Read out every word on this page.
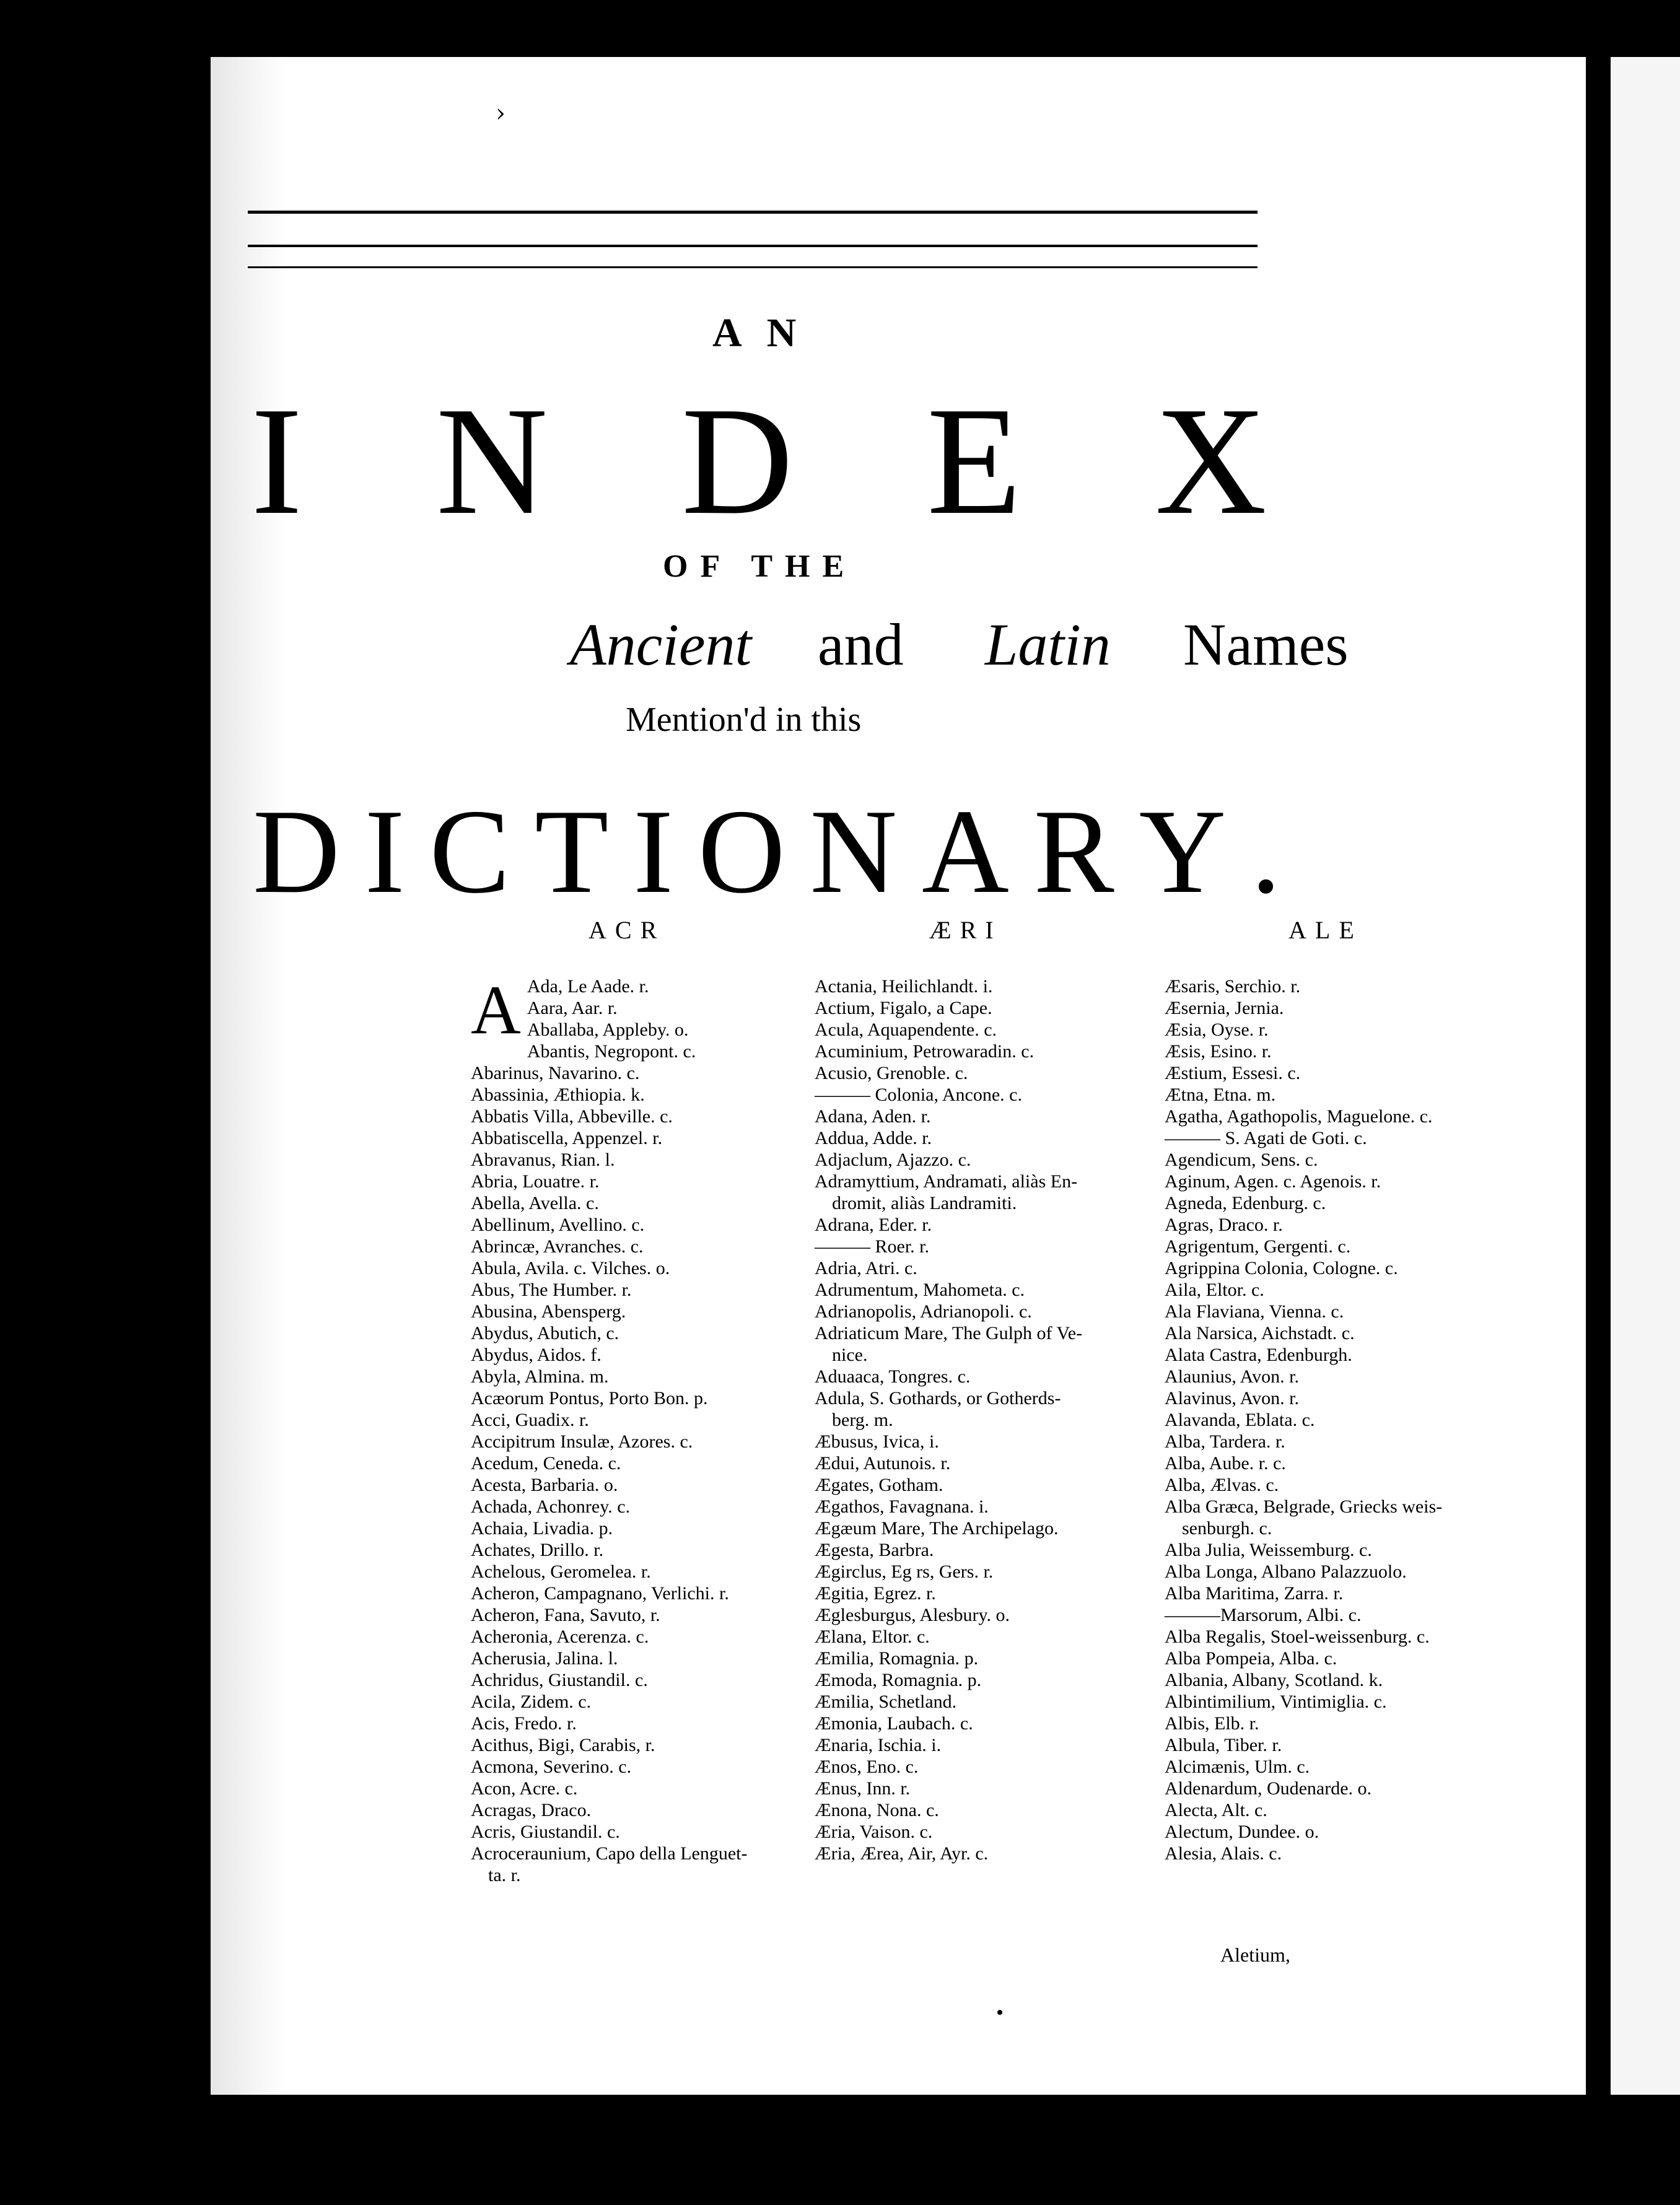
›
AN
I N D E X
OF THE
Ancient and Latin Names
Mention'd in this
D I C T I O N A R Y .
ACR	ÆRI	ALE
A Ada, Le Aade. r.
Aara, Aar. r.
Aballaba, Appleby. o.
Abantis, Negropont. c.
Abarinus, Navarino. c.
Abassinia, Æthiopia. k.
Abbatis Villa, Abbeville. c.
Abbatiscella, Appenzel. r.
Abravanus, Rian. l.
Abria, Louatre. r.
Abella, Avella. c.
Abellinum, Avellino. c.
Abrincæ, Avranches. c.
Abula, Avila. c. Vilches. o.
Abus, The Humber. r.
Abusina, Abensperg.
Abydus, Abutich, c.
Abydus, Aidos. f.
Abyla, Almina. m.
Acæorum Pontus, Porto Bon. p.
Acci, Guadix. r.
Accipitrum Insulæ, Azores. c.
Acedum, Ceneda. c.
Acesta, Barbaria. o.
Achada, Achonrey. c.
Achaia, Livadia. p.
Achates, Drillo. r.
Achelous, Geromelea. r.
Acheron, Campagnano, Verlichi. r.
Acheron, Fana, Savuto, r.
Acheronia, Acerenza. c.
Acherusia, Jalina. l.
Achridus, Giustandil. c.
Acila, Zidem. c.
Acis, Fredo. r.
Acithus, Bigi, Carabis, r.
Acmona, Severino. c.
Acon, Acre. c.
Acragas, Draco.
Acris, Giustandil. c.
Acroceraunium, Capo della Lenguet-
ta. r.
Actania, Heilichlandt. i.
Actium, Figalo, a Cape.
Acula, Aquapendente. c.
Acuminium, Petrowaradin. c.
Acusio, Grenoble. c.
——— Colonia, Ancone. c.
Adana, Aden. r.
Addua, Adde. r.
Adjaclum, Ajazzo. c.
Adramyttium, Andramati, aliàs En-
dromit, aliàs Landramiti.
Adrana, Eder. r.
——— Roer. r.
Adria, Atri. c.
Adrumentum, Mahometa. c.
Adrianopolis, Adrianopoli. c.
Adriaticum Mare, The Gulph of Ve-
nice.
Aduaaca, Tongres. c.
Adula, S. Gothards, or Gotherds-
berg. m.
Æbusus, Ivica, i.
Ædui, Autunois. r.
Ægates, Gotham.
Ægathos, Favagnana. i.
Ægæum Mare, The Archipelago.
Ægesta, Barbra.
Ægirclus, Eg rs, Gers. r.
Ægitia, Egrez. r.
Æglesburgus, Alesbury. o.
Ælana, Eltor. c.
Æmilia, Romagnia. p.
Æmoda, Romagnia. p.
Æmilia, Schetland.
Æmonia, Laubach. c.
Ænaria, Ischia. i.
Ænos, Eno. c.
Ænus, Inn. r.
Ænona, Nona. c.
Æria, Vaison. c.
Æria, Ærea, Air, Ayr. c.
Æsaris, Serchio. r.
Æsernia, Jernia.
Æsia, Oyse. r.
Æsis, Esino. r.
Æstium, Essesi. c.
Ætna, Etna. m.
Agatha, Agathopolis, Maguelone. c.
——— S. Agati de Goti. c.
Agendicum, Sens. c.
Aginum, Agen. c. Agenois. r.
Agneda, Edenburg. c.
Agras, Draco. r.
Agrigentum, Gergenti. c.
Agrippina Colonia, Cologne. c.
Aila, Eltor. c.
Ala Flaviana, Vienna. c.
Ala Narsica, Aichstadt. c.
Alata Castra, Edenburgh.
Alaunius, Avon. r.
Alavinus, Avon. r.
Alavanda, Eblata. c.
Alba, Tardera. r.
Alba, Aube. r. c.
Alba, Ælvas. c.
Alba Græca, Belgrade, Griecks weis-
senburgh. c.
Alba Julia, Weissemburg. c.
Alba Longa, Albano Palazzuolo.
Alba Maritima, Zarra. r.
———Marsorum, Albi. c.
Alba Regalis, Stoel-weissenburg. c.
Alba Pompeia, Alba. c.
Albania, Albany, Scotland. k.
Albintimilium, Vintimiglia. c.
Albis, Elb. r.
Albula, Tiber. r.
Alcimænis, Ulm. c.
Aldenardum, Oudenarde. o.
Alecta, Alt. c.
Alectum, Dundee. o.
Alesia, Alais. c.
Aletium,
